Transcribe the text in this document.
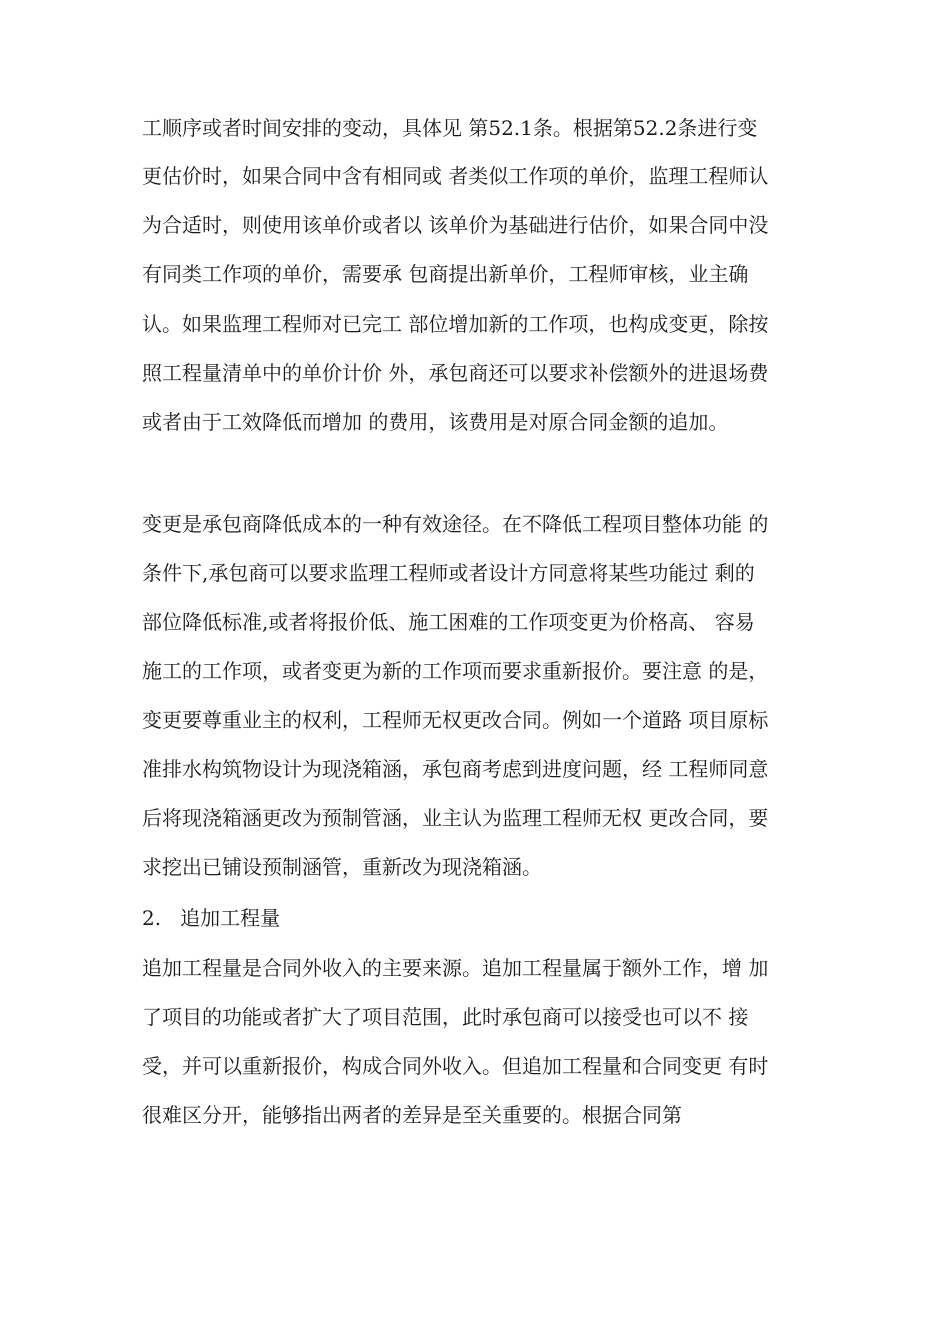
工顺序或者时间安排的变动，具体见 第52.1条。根据第52.2条进行变
更估价时，如果合同中含有相同或 者类似工作项的单价，监理工程师认
为合适时，则使用该单价或者以 该单价为基础进行估价，如果合同中没
有同类工作项的单价，需要承 包商提出新单价，工程师审核，业主确
认。如果监理工程师对已完工 部位增加新的工作项，也构成变更，除按
照工程量清单中的单价计价 外，承包商还可以要求补偿额外的进退场费
或者由于工效降低而增加 的费用，该费用是对原合同金额的追加。
变更是承包商降低成本的一种有效途径。在不降低工程项目整体功能 的
条件下,承包商可以要求监理工程师或者设计方同意将某些功能过 剩的
部位降低标准,或者将报价低、施工困难的工作项变更为价格高、 容易
施工的工作项，或者变更为新的工作项而要求重新报价。要注意 的是，
变更要尊重业主的权利，工程师无权更改合同。例如一个道路 项目原标
准排水构筑物设计为现浇箱涵，承包商考虑到进度问题，经 工程师同意
后将现浇箱涵更改为预制管涵，业主认为监理工程师无权 更改合同，要
求挖出已铺设预制涵管，重新改为现浇箱涵。
2.   追加工程量
追加工程量是合同外收入的主要来源。追加工程量属于额外工作，增 加
了项目的功能或者扩大了项目范围，此时承包商可以接受也可以不 接
受，并可以重新报价，构成合同外收入。但追加工程量和合同变更 有时
很难区分开，能够指出两者的差异是至关重要的。根据合同第
